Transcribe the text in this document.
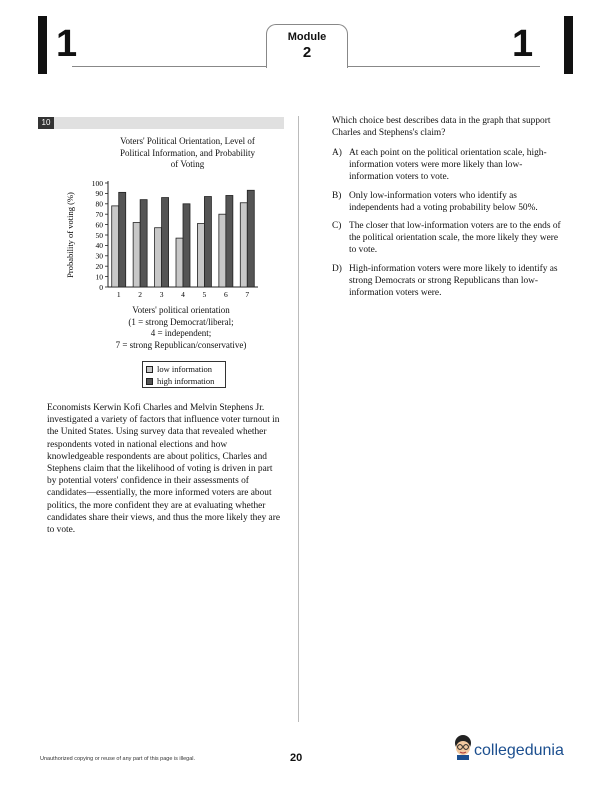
1	Module
2	1
10
Voters' Political Orientation, Level of
Political Information, and Probability
of Voting
Probability of voting (%)
0
10
20
30
40
50
60
70
80
90
100
1 2 3 4 5 6 7
Voters' political orientation
(1 = strong Democrat/liberal;
4 = independent;
7 = strong Republican/conservative)
low information
high information
Economists Kerwin Kofi Charles and Melvin Stephens Jr. investigated a variety of factors that influence voter turnout in the United States. Using survey data that revealed whether respondents voted in national elections and how knowledgeable respondents are about politics, Charles and Stephens claim that the likelihood of voting is driven in part by potential voters' confidence in their assessments of candidates—essentially, the more informed voters are about politics, the more confident they are at evaluating whether candidates share their views, and thus the more likely they are to vote.
Which choice best describes data in the graph that support Charles and Stephens's claim?
A) At each point on the political orientation scale, high-information voters were more likely than low-information voters to vote.
B) Only low-information voters who identify as independents had a voting probability below 50%.
C) The closer that low-information voters are to the ends of the political orientation scale, the more likely they were to vote.
D) High-information voters were more likely to identify as strong Democrats or strong Republicans than low-information voters were.
Unauthorized copying or reuse of any part of this page is illegal.	20	collegedunia
